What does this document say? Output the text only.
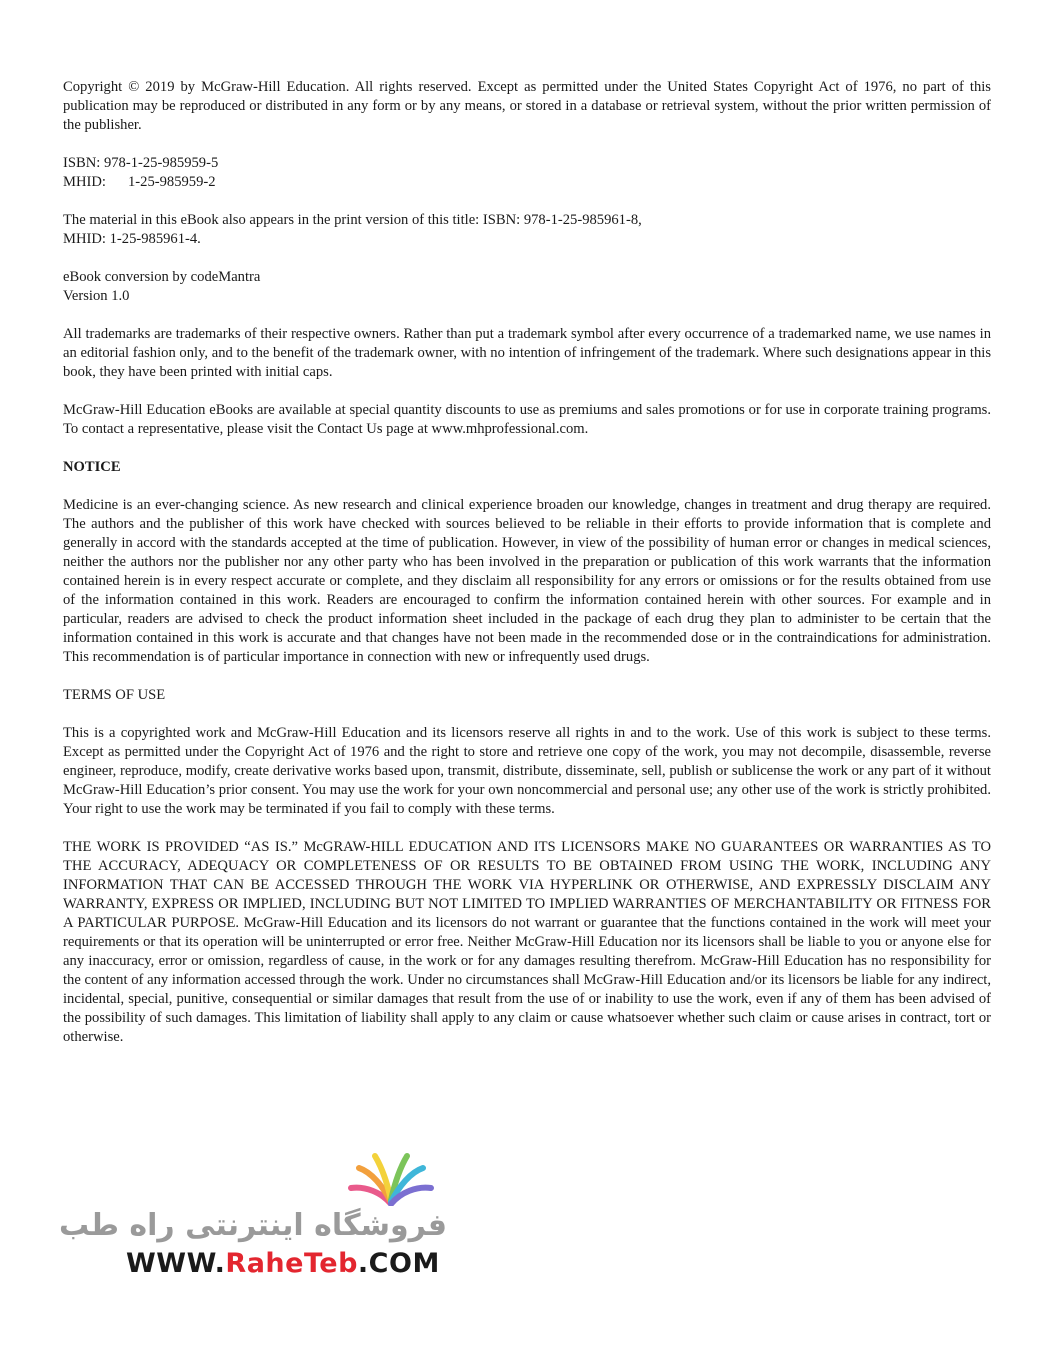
Copyright © 2019 by McGraw-Hill Education. All rights reserved. Except as permitted under the United States Copyright Act of 1976, no part of this publication may be reproduced or distributed in any form or by any means, or stored in a database or retrieval system, without the prior written permission of the publisher.

ISBN: 978-1-25-985959-5
MHID: 1-25-985959-2

The material in this eBook also appears in the print version of this title: ISBN: 978-1-25-985961-8,
MHID: 1-25-985961-4.

eBook conversion by codeMantra
Version 1.0

All trademarks are trademarks of their respective owners. Rather than put a trademark symbol after every occurrence of a trademarked name, we use names in an editorial fashion only, and to the benefit of the trademark owner, with no intention of infringement of the trademark. Where such designations appear in this book, they have been printed with initial caps.

McGraw-Hill Education eBooks are available at special quantity discounts to use as premiums and sales promotions or for use in corporate training programs. To contact a representative, please visit the Contact Us page at www.mhprofessional.com.

NOTICE

Medicine is an ever-changing science. As new research and clinical experience broaden our knowledge, changes in treatment and drug therapy are required. The authors and the publisher of this work have checked with sources believed to be reliable in their efforts to provide information that is complete and generally in accord with the standards accepted at the time of publication. However, in view of the possibility of human error or changes in medical sciences, neither the authors nor the publisher nor any other party who has been involved in the preparation or publication of this work warrants that the information contained herein is in every respect accurate or complete, and they disclaim all responsibility for any errors or omissions or for the results obtained from use of the information contained in this work. Readers are encouraged to confirm the information contained herein with other sources. For example and in particular, readers are advised to check the product information sheet included in the package of each drug they plan to administer to be certain that the information contained in this work is accurate and that changes have not been made in the recommended dose or in the contraindications for administration. This recommendation is of particular importance in connection with new or infrequently used drugs.

TERMS OF USE

This is a copyrighted work and McGraw-Hill Education and its licensors reserve all rights in and to the work. Use of this work is subject to these terms. Except as permitted under the Copyright Act of 1976 and the right to store and retrieve one copy of the work, you may not decompile, disassemble, reverse engineer, reproduce, modify, create derivative works based upon, transmit, distribute, disseminate, sell, publish or sublicense the work or any part of it without McGraw-Hill Education’s prior consent. You may use the work for your own noncommercial and personal use; any other use of the work is strictly prohibited. Your right to use the work may be terminated if you fail to comply with these terms.

THE WORK IS PROVIDED “AS IS.” McGRAW-HILL EDUCATION AND ITS LICENSORS MAKE NO GUARANTEES OR WARRANTIES AS TO THE ACCURACY, ADEQUACY OR COMPLETENESS OF OR RESULTS TO BE OBTAINED FROM USING THE WORK, INCLUDING ANY INFORMATION THAT CAN BE ACCESSED THROUGH THE WORK VIA HYPERLINK OR OTHERWISE, AND EXPRESSLY DISCLAIM ANY WARRANTY, EXPRESS OR IMPLIED, INCLUDING BUT NOT LIMITED TO IMPLIED WARRANTIES OF MERCHANTABILITY OR FITNESS FOR A PARTICULAR PURPOSE. McGraw-Hill Education and its licensors do not warrant or guarantee that the functions contained in the work will meet your requirements or that its operation will be uninterrupted or error free. Neither McGraw-Hill Education nor its licensors shall be liable to you or anyone else for any inaccuracy, error or omission, regardless of cause, in the work or for any damages resulting therefrom. McGraw-Hill Education has no responsibility for the content of any information accessed through the work. Under no circumstances shall McGraw-Hill Education and/or its licensors be liable for any indirect, incidental, special, punitive, consequential or similar damages that result from the use of or inability to use the work, even if any of them has been advised of the possibility of such damages. This limitation of liability shall apply to any claim or cause whatsoever whether such claim or cause arises in contract, tort or otherwise.

فروشگاه اینترنتی راه طب
WWW.RaheTeb.COM
